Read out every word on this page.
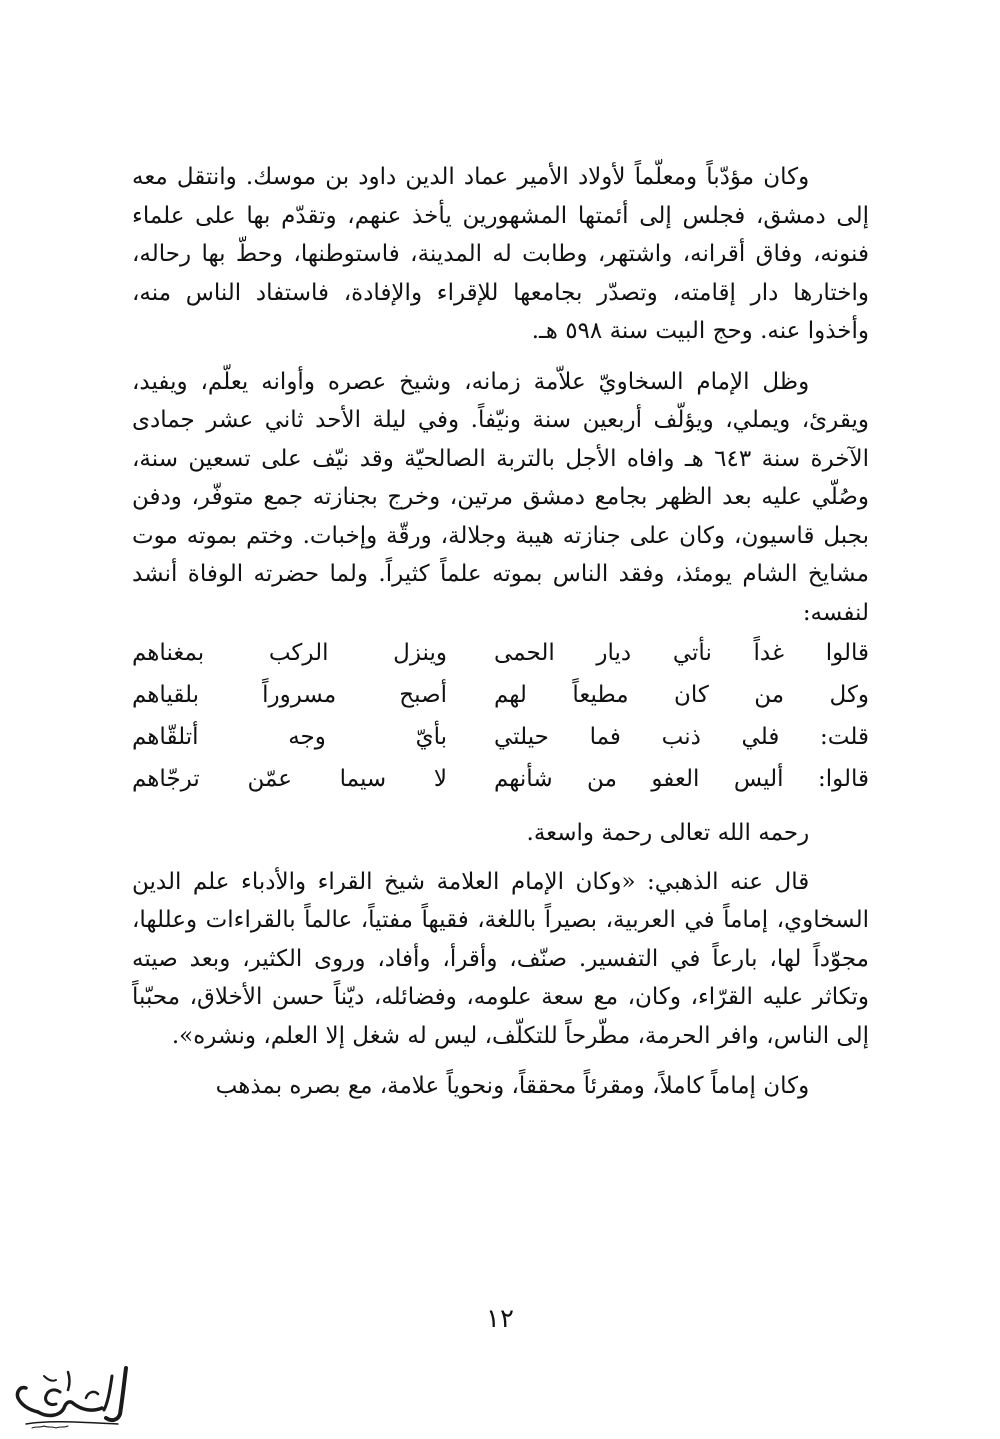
وكان مؤدّباً ومعلّماً لأولاد الأمير عماد الدين داود بن موسك. وانتقل معه إلى دمشق، فجلس إلى أئمتها المشهورين يأخذ عنهم، وتقدّم بها على علماء فنونه، وفاق أقرانه، واشتهر، وطابت له المدينة، فاستوطنها، وحطّ بها رحاله، واختارها دار إقامته، وتصدّر بجامعها للإقراء والإفادة، فاستفاد الناس منه، وأخذوا عنه. وحج البيت سنة ٥٩٨ هـ.

وظل الإمام السخاويّ علاّمة زمانه، وشيخ عصره وأوانه يعلّم، ويفيد، ويقرئ، ويملي، ويؤلّف أربعين سنة ونيّفاً. وفي ليلة الأحد ثاني عشر جمادى الآخرة سنة ٦٤٣ هـ وافاه الأجل بالتربة الصالحيّة وقد نيّف على تسعين سنة، وصُلّي عليه بعد الظهر بجامع دمشق مرتين، وخرج بجنازته جمع متوفّر، ودفن بجبل قاسيون، وكان على جنازته هيبة وجلالة، ورقّة وإخبات. وختم بموته موت مشايخ الشام يومئذ، وفقد الناس بموته علماً كثيراً. ولما حضرته الوفاة أنشد لنفسه:

قالوا غداً نأتي ديار الحمى
وينزل الركب بمغناهم
وكل من كان مطيعاً لهم
أصبح مسروراً بلقياهم
قلت: فلي ذنب فما حيلتي
بأيّ وجه أتلقّاهم
قالوا: أليس العفو من شأنهم
لا سيما عمّن ترجّاهم

رحمه الله تعالى رحمة واسعة.

قال عنه الذهبي: «وكان الإمام العلامة شيخ القراء والأدباء علم الدين السخاوي، إماماً في العربية، بصيراً باللغة، فقيهاً مفتياً، عالماً بالقراءات وعللها، مجوّداً لها، بارعاً في التفسير. صنّف، وأقرأ، وأفاد، وروى الكثير، وبعد صيته وتكاثر عليه القرّاء، وكان، مع سعة علومه، وفضائله، ديّناً حسن الأخلاق، محبّباً إلى الناس، وافر الحرمة، مطّرحاً للتكلّف، ليس له شغل إلا العلم، ونشره».

وكان إماماً كاملاً، ومقرئاً محققاً، ونحوياً علامة، مع بصره بمذهب

١٢
